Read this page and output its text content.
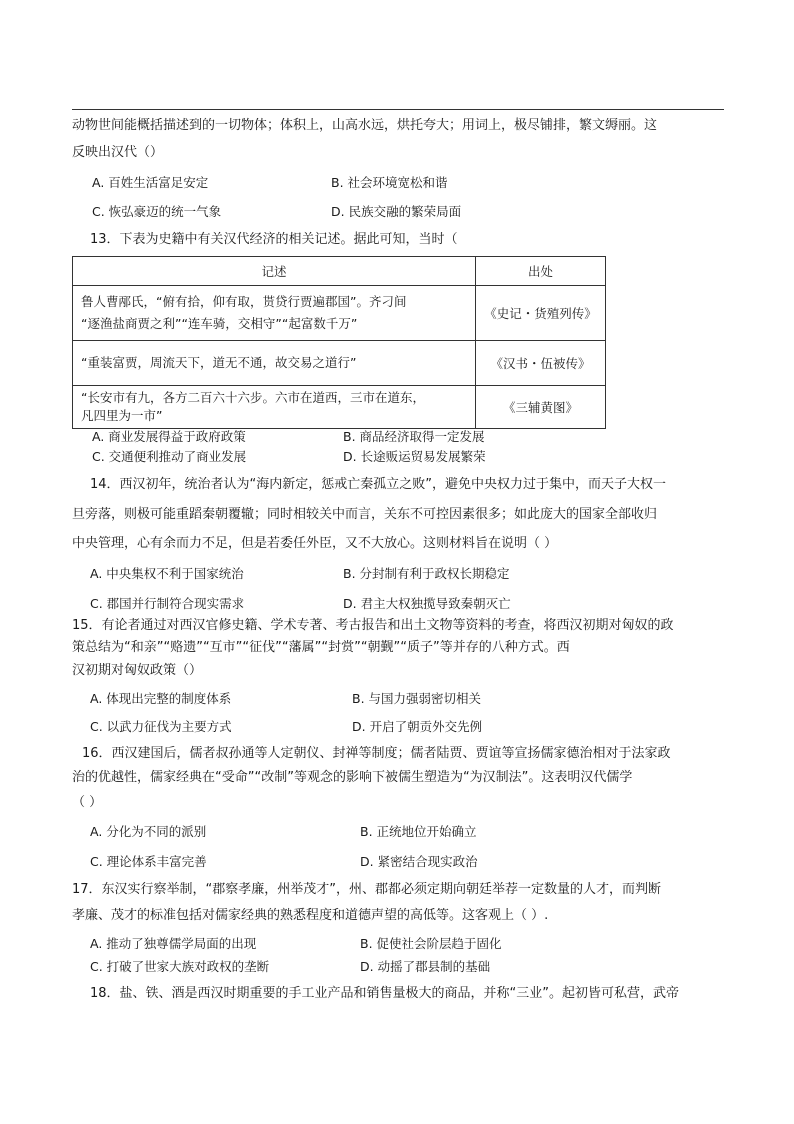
动物世间能概括描述到的一切物体；体积上，山高水远，烘托夸大；用词上，极尽铺排，繁文缛丽。这
反映出汉代（）
A. 百姓生活富足安定	B. 社会环境宽松和谐
C. 恢弘豪迈的统一气象	D. 民族交融的繁荣局面
13．下表为史籍中有关汉代经济的相关记述。据此可知，当时（
记述	出处

鲁人曹邴氏，“俯有拾，仰有取，贳贷行贾遍郡国”。齐刁间
“逐渔盐商贾之利”“连车骑，交相守”“起富数千万”	《史记・货殖列传》

“重装富贾，周流天下，道无不通，故交易之道行”	《汉书・伍被传》

“长安市有九，各方二百六十六步。六市在道西，三市在道东，
凡四里为一市”	《三辅黄图》
A. 商业发展得益于政府政策	B. 商品经济取得一定发展
C. 交通便利推动了商业发展	D. 长途贩运贸易发展繁荣
14．西汉初年，统治者认为“海内新定，惩戒亡秦孤立之败”，避免中央权力过于集中，而天子大权一
旦旁落，则极可能重蹈秦朝覆辙；同时相较关中而言，关东不可控因素很多；如此庞大的国家全部收归
中央管理，心有余而力不足，但是若委任外臣，又不大放心。这则材料旨在说明（ ）
A. 中央集权不利于国家统治	B. 分封制有利于政权长期稳定
C. 郡国并行制符合现实需求	D. 君主大权独揽导致秦朝灭亡
15．有论者通过对西汉官修史籍、学术专著、考古报告和出土文物等资料的考查，将西汉初期对匈奴的政
策总结为“和亲”“赂遗”“互市”“征伐”“藩属”“封赏”“朝觐”“质子”等并存的八种方式。西
汉初期对匈奴政策（）
A. 体现出完整的制度体系	B. 与国力强弱密切相关
C. 以武力征伐为主要方式	D. 开启了朝贡外交先例
16．西汉建国后，儒者叔孙通等人定朝仪、封禅等制度；儒者陆贾、贾谊等宣扬儒家德治相对于法家政
治的优越性，儒家经典在“受命”“改制”等观念的影响下被儒生塑造为“为汉制法”。这表明汉代儒学
（ ）
A. 分化为不同的派别	B. 正统地位开始确立
C. 理论体系丰富完善	D. 紧密结合现实政治
17．东汉实行察举制，“郡察孝廉，州举茂才”，州、郡都必须定期向朝廷举荐一定数量的人才，而判断
孝廉、茂才的标准包括对儒家经典的熟悉程度和道德声望的高低等。这客观上（ ）.
A. 推动了独尊儒学局面的出现	B. 促使社会阶层趋于固化
C. 打破了世家大族对政权的垄断	D. 动摇了郡县制的基础
18．盐、铁、酒是西汉时期重要的手工业产品和销售量极大的商品，并称“三业”。起初皆可私营，武帝
